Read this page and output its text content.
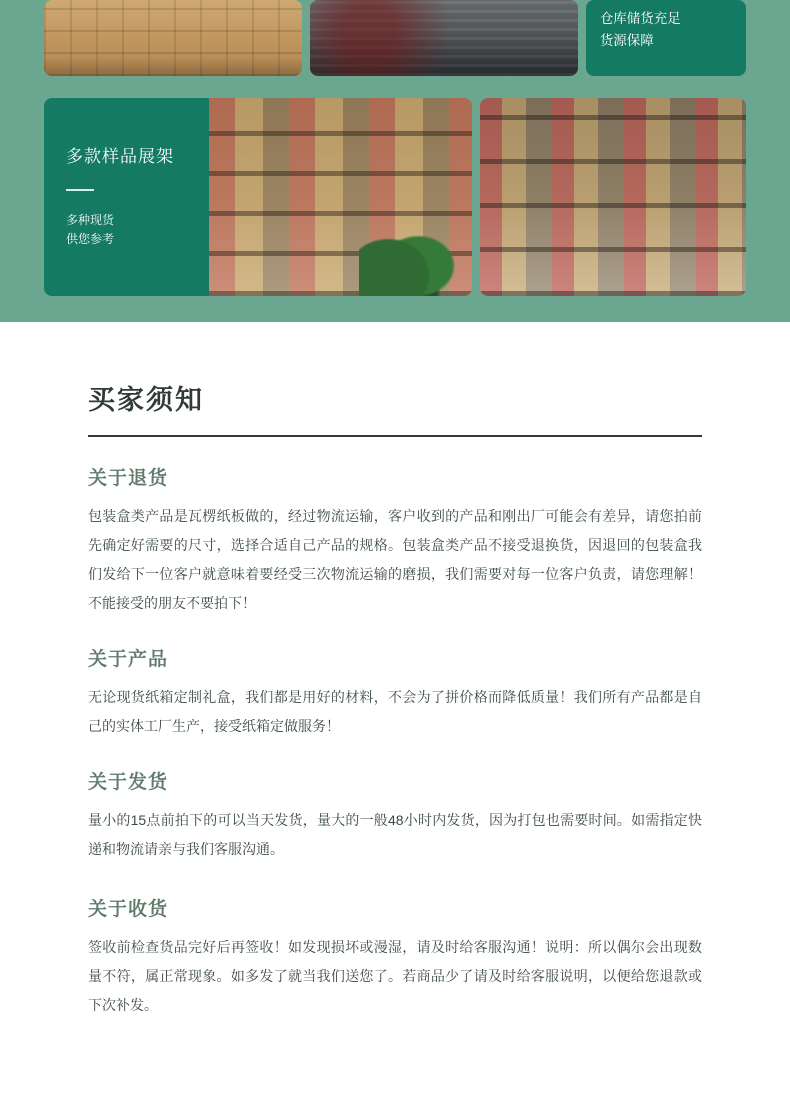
仓库储货充足
货源保障
多款样品展架
多种现货
供您参考
买家须知
关于退货

包装盒类产品是瓦楞纸板做的，经过物流运输，客户收到的产品和刚出厂可能会有差异，请您拍前先确定好需要的尺寸，选择合适自己产品的规格。包装盒类产品不接受退换货，因退回的包装盒我们发给下一位客户就意味着要经受三次物流运输的磨损，我们需要对每一位客户负责，请您理解！不能接受的朋友不要拍下！

关于产品

无论现货纸箱定制礼盒，我们都是用好的材料，不会为了拼价格而降低质量！我们所有产品都是自己的实体工厂生产，接受纸箱定做服务！

关于发货

量小的15点前拍下的可以当天发货，量大的一般48小时内发货，因为打包也需要时间。如需指定快递和物流请亲与我们客服沟通。

关于收货

签收前检查货品完好后再签收！如发现损坏或漫湿，请及时给客服沟通！说明：所以偶尔会出现数量不符，属正常现象。如多发了就当我们送您了。若商品少了请及时给客服说明，以便给您退款或下次补发。
